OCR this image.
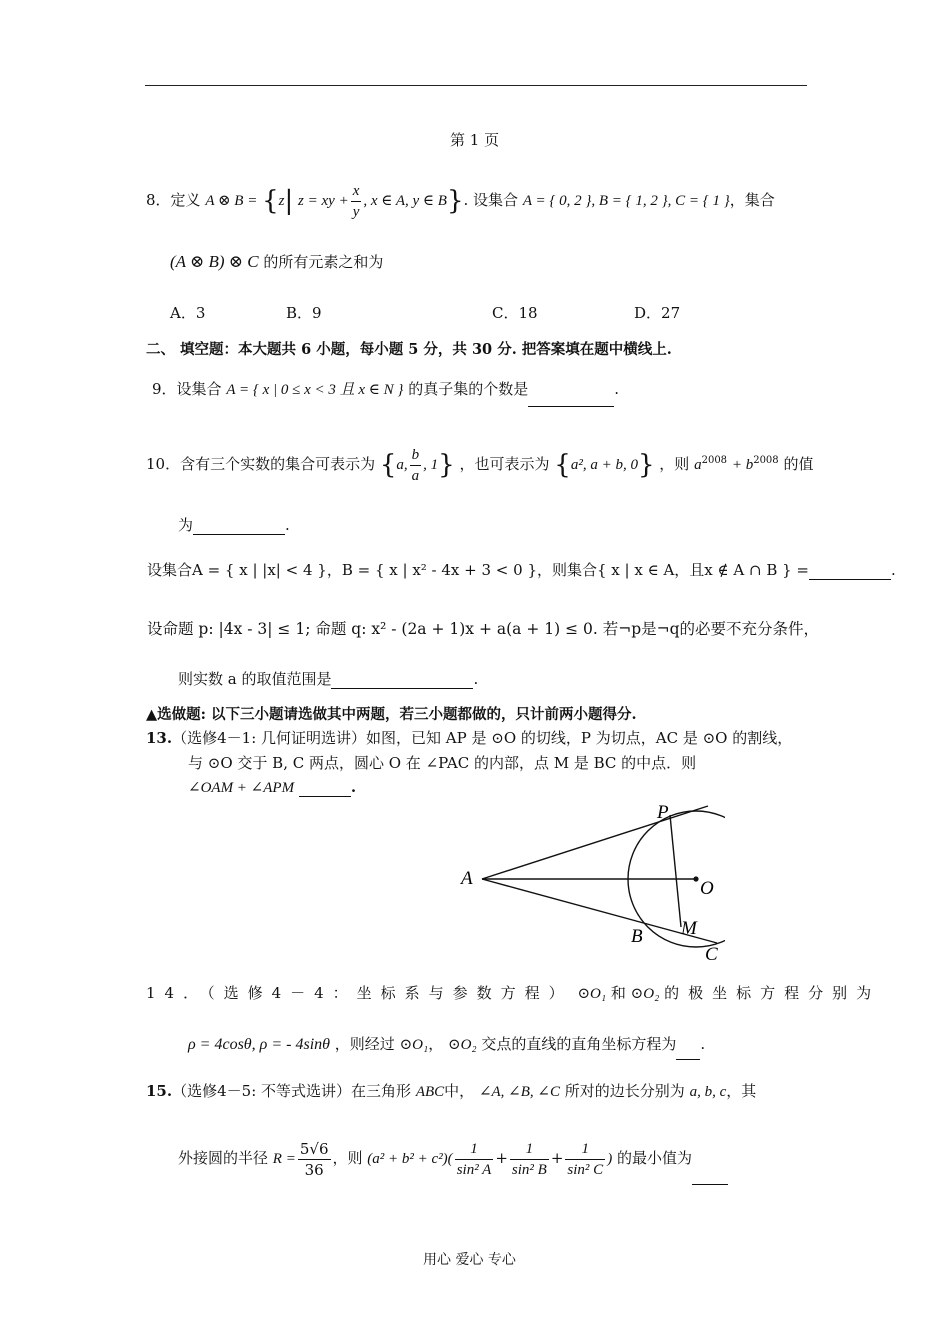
第 1 页
8．定义 A ⊗ B = {z| z = xy + $\frac{x}{y}$ , x ∈ A, y ∈ B}. 设集合 A = { 0, 2 }, B = { 1, 2 }, C = { 1 }，集合
(A ⊗ B) ⊗ C 的所有元素之和为
A．3	B．9	C．18	D．27
二、 填空题：本大题共 6 小题，每小题 5 分，共 30 分. 把答案填在题中横线上.
9．设集合 A = { x | 0 ≤ x < 3 且 x ∈ N } 的真子集的个数是	.
10．含有三个实数的集合可表示为 {a, $\frac{b}{a}$ , 1} ，也可表示为 {a², a + b, 0} ，则 $a^{2008} + b^{2008}$ 的值
为	.
设集合A = { x | |x| < 4 }，B = { x | x² - 4x + 3 < 0 }，则集合{ x | x ∈ A，且x ∉ A ∩ B } =	.
设命题 p: |4x - 3| ≤ 1; 命题 q: x² - (2a + 1)x + a(a + 1) ≤ 0. 若¬p是¬q的必要不充分条件，
则实数 a 的取值范围是	.
▲选做题: 以下三小题请选做其中两题，若三小题都做的，只计前两小题得分.
13.（选修4－1: 几何证明选讲）如图，已知 AP 是 ⊙O 的切线，P 为切点，AC 是 ⊙O 的割线，
与 ⊙O 交于 B, C 两点，圆心 O 在 ∠PAC 的内部，点 M 是 BC 的中点．则
∠OAM + ∠APM	.
A
P
O
M
B
C
14．（选修4－4：坐标系与参数方程） ⊙O₁ 和 ⊙O₂ 的极坐标方程分别为
ρ = 4cosθ, ρ = - 4sinθ ，则经过 ⊙O₁， ⊙O₂ 交点的直线的直角坐标方程为 .
15.（选修4－5: 不等式选讲）在三角形 ABC中， ∠A, ∠B, ∠C 所对的边长分别为 a, b, c，其
外接圆的半径 $R = \frac{5√6}{36}$ ，则 $(a^2 + b^2 + c^2)( \frac{1}{\text{sin² A}} + \frac{1}{\text{sin² B}} + \frac{1}{\text{sin² C}}$ ) 的最小值为
用心 爱心 专心
